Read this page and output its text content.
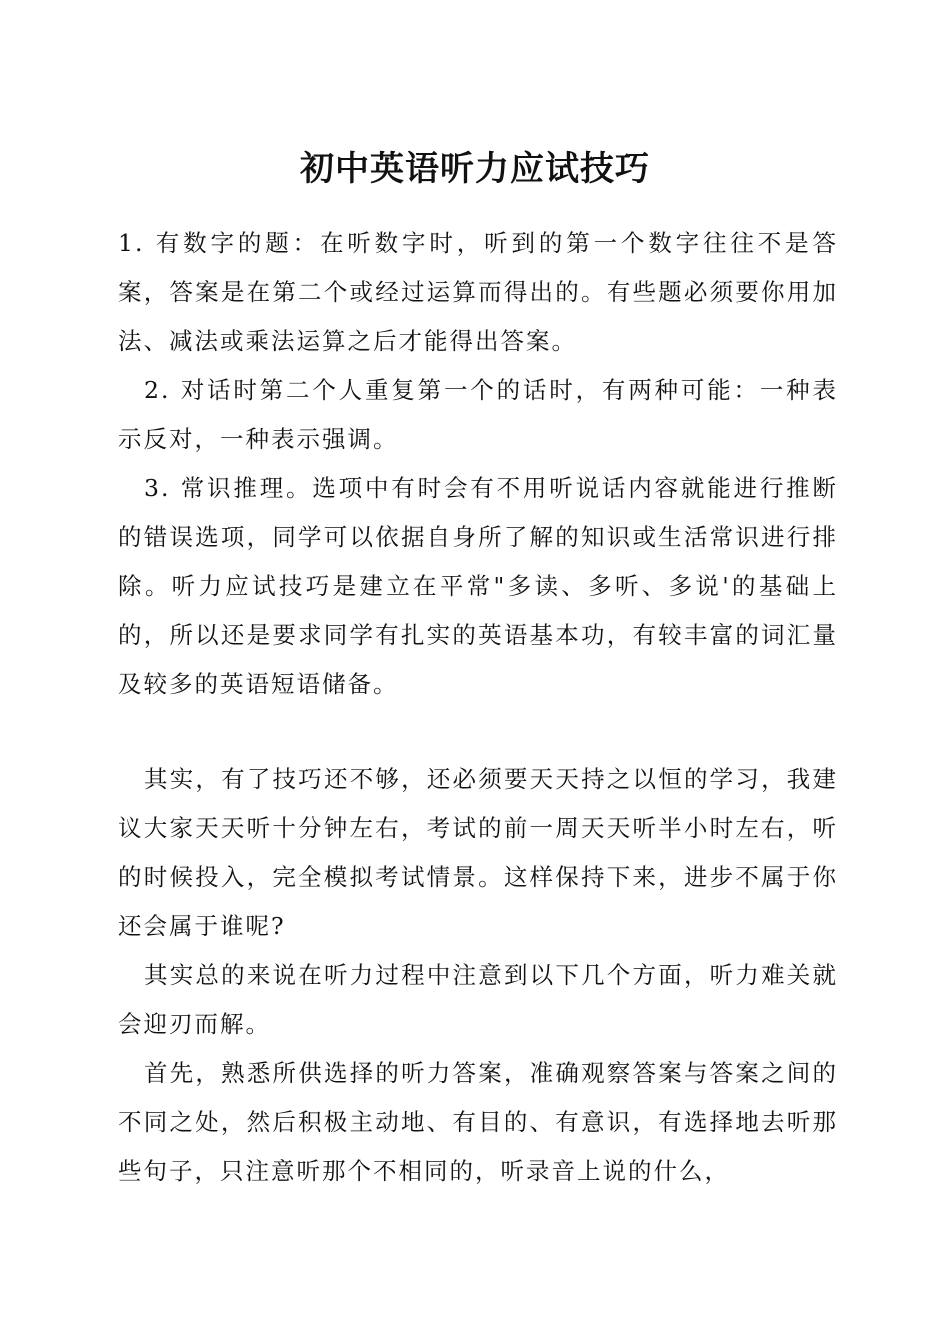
初中英语听力应试技巧

1. 有数字的题：在听数字时，听到的第一个数字往往不是答案，答案是在第二个或经过运算而得出的。有些题必须要你用加法、减法或乘法运算之后才能得出答案。

2. 对话时第二个人重复第一个的话时，有两种可能：一种表示反对，一种表示强调。

3. 常识推理。选项中有时会有不用听说话内容就能进行推断的错误选项，同学可以依据自身所了解的知识或生活常识进行排除。听力应试技巧是建立在平常"多读、多听、多说'的基础上的，所以还是要求同学有扎实的英语基本功，有较丰富的词汇量及较多的英语短语储备。

其实，有了技巧还不够，还必须要天天持之以恒的学习，我建议大家天天听十分钟左右，考试的前一周天天听半小时左右，听的时候投入，完全模拟考试情景。这样保持下来，进步不属于你还会属于谁呢?

其实总的来说在听力过程中注意到以下几个方面，听力难关就会迎刃而解。

首先，熟悉所供选择的听力答案，准确观察答案与答案之间的不同之处，然后积极主动地、有目的、有意识，有选择地去听那些句子，只注意听那个不相同的，听录音上说的什么，
